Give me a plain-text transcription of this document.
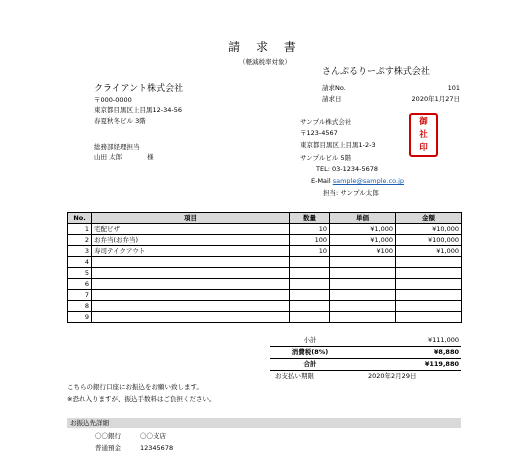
請 求 書
（軽減税率対象）
さんぷるりーぷす株式会社
クライアント株式会社
〒000-0000
東京都目黒区上目黒12-34-56
春夏秋冬ビル 3階
総務部経理担当
山田 太郎	様
請求No.	101
請求日	2020年1月27日
サンプル株式会社
〒123-4567
東京都目黒区上目黒1-2-3
サンプルビル 5階
TEL: 03-1234-5678
E-Mail sample@sample.co.jp
担当: サンプル太郎
御
社
印
No.	項目	数量	単価	金額
1	宅配ピザ	10	¥1,000	¥10,000
2	お弁当(お弁当)	100	¥1,000	¥100,000
3	寿司テイクアウト	10	¥100	¥1,000
4				
5				
6				
7				
8				
9				
小計	¥111,000
消費税(8%)	¥8,880
合計	¥119,880
お支払い期限	2020年2月29日
こちらの銀行口座にお振込をお願い致します。
※恐れ入りますが、振込手数料はご負担ください。
お振込先詳細
〇〇銀行	〇〇支店
普通預金	12345678
